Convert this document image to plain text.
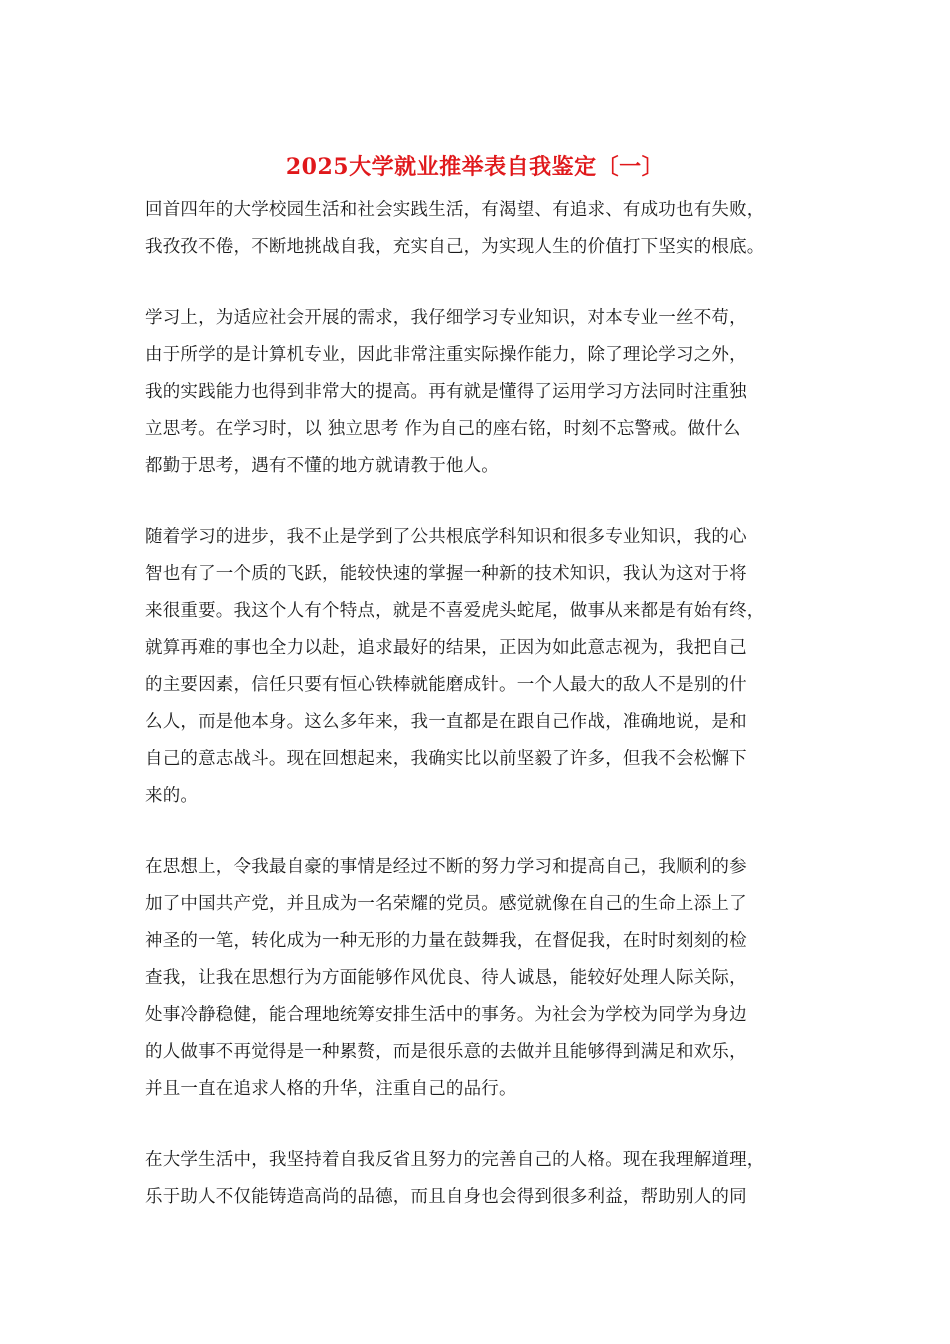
2025大学就业推举表自我鉴定〔一〕
回首四年的大学校园生活和社会实践生活，有渴望、有追求、有成功也有失败，
我孜孜不倦，不断地挑战自我，充实自己，为实现人生的价值打下坚实的根底。
学习上，为适应社会开展的需求，我仔细学习专业知识，对本专业一丝不苟，
由于所学的是计算机专业，因此非常注重实际操作能力，除了理论学习之外，
我的实践能力也得到非常大的提高。再有就是懂得了运用学习方法同时注重独
立思考。在学习时，以 独立思考 作为自己的座右铭，时刻不忘警戒。做什么
都勤于思考，遇有不懂的地方就请教于他人。
随着学习的进步，我不止是学到了公共根底学科知识和很多专业知识，我的心
智也有了一个质的飞跃，能较快速的掌握一种新的技术知识，我认为这对于将
来很重要。我这个人有个特点，就是不喜爱虎头蛇尾，做事从来都是有始有终，
就算再难的事也全力以赴，追求最好的结果，正因为如此意志视为，我把自己
的主要因素，信任只要有恒心铁棒就能磨成针。一个人最大的敌人不是别的什
么人，而是他本身。这么多年来，我一直都是在跟自己作战，准确地说，是和
自己的意志战斗。现在回想起来，我确实比以前坚毅了许多，但我不会松懈下
来的。
在思想上，令我最自豪的事情是经过不断的努力学习和提高自己，我顺利的参
加了中国共产党，并且成为一名荣耀的党员。感觉就像在自己的生命上添上了
神圣的一笔，转化成为一种无形的力量在鼓舞我，在督促我，在时时刻刻的检
查我，让我在思想行为方面能够作风优良、待人诚恳，能较好处理人际关际，
处事冷静稳健，能合理地统筹安排生活中的事务。为社会为学校为同学为身边
的人做事不再觉得是一种累赘，而是很乐意的去做并且能够得到满足和欢乐，
并且一直在追求人格的升华，注重自己的品行。
在大学生活中，我坚持着自我反省且努力的完善自己的人格。现在我理解道理，
乐于助人不仅能铸造高尚的品德，而且自身也会得到很多利益，帮助别人的同
